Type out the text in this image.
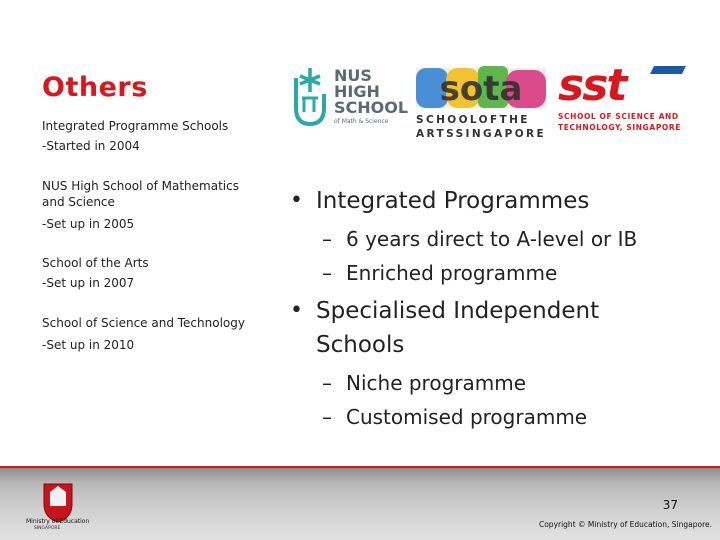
Others
Integrated Programme Schools
-Started in 2004
NUS High School of Mathematics and Science
-Set up in 2005
School of the Arts
-Set up in 2007
School of Science and Technology
-Set up in 2010
NUS
HIGH
SCHOOL
of Math & Science
sota
SCHOOLOFTHE
ARTSSINGAPORE
sst
SCHOOL OF SCIENCE AND
TECHNOLOGY, SINGAPORE
• Integrated Programmes
– 6 years direct to A-level or IB
– Enriched programme
• Specialised Independent Schools
– Niche programme
– Customised programme
Ministry of Education
SINGAPORE
37
Copyright © Ministry of Education, Singapore.
